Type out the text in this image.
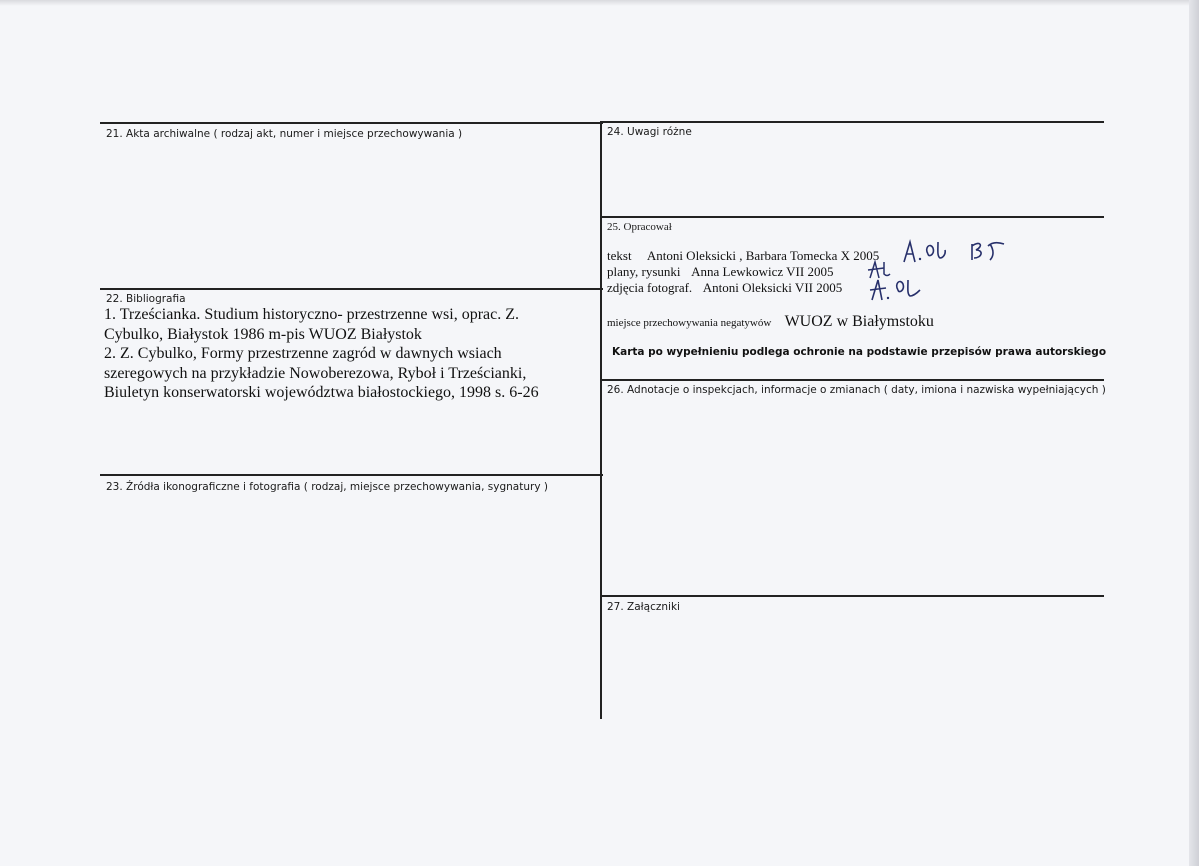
21. Akta archiwalne ( rodzaj akt, numer i miejsce przechowywania )
22. Bibliografia
1. Trześcianka. Studium historyczno- przestrzenne wsi, oprac. Z.
Cybulko, Białystok 1986 m-pis WUOZ Białystok
2. Z. Cybulko, Formy przestrzenne zagród w dawnych wsiach
szeregowych na przykładzie Nowoberezowa, Ryboł i Trześcianki,
Biuletyn konserwatorski województwa białostockiego, 1998 s. 6-26
23. Źródła ikonograficzne i fotografia ( rodzaj, miejsce przechowywania, sygnatury )
24. Uwagi różne
25. Opracował
tekst Antoni Oleksicki , Barbara Tomecka X 2005
plany, rysunki Anna Lewkowicz VII 2005
zdjęcia fotograf. Antoni Oleksicki VII 2005
miejsce przechowywania negatywów WUOZ w Białymstoku
Karta po wypełnieniu podlega ochronie na podstawie przepisów prawa autorskiego
26. Adnotacje o inspekcjach, informacje o zmianach ( daty, imiona i nazwiska wypełniających )
27. Załączniki
